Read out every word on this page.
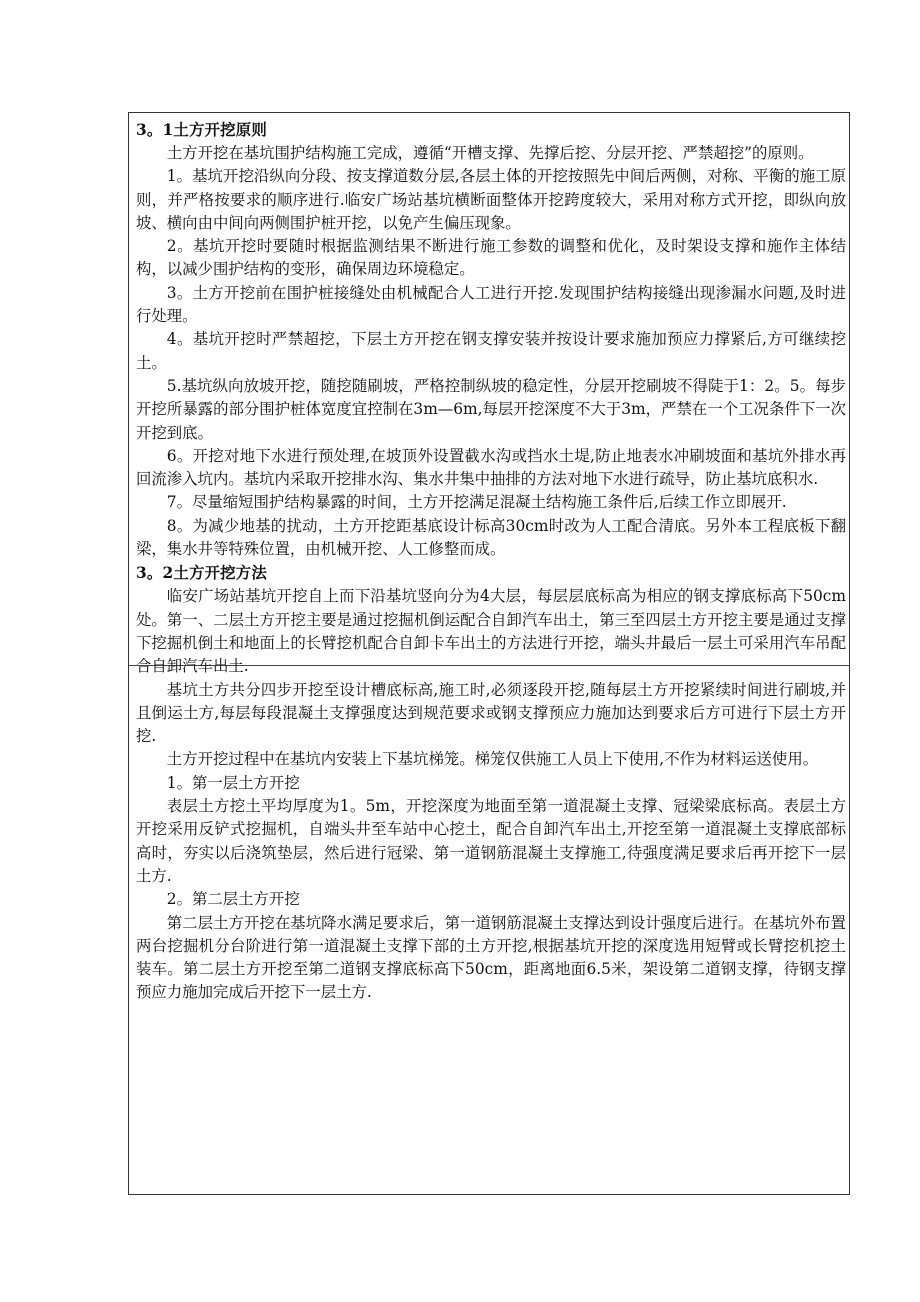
3。1土方开挖原则

土方开挖在基坑围护结构施工完成，遵循“开槽支撑、先撑后挖、分层开挖、严禁超挖”的原则。

1。基坑开挖沿纵向分段、按支撑道数分层,各层土体的开挖按照先中间后两侧，对称、平衡的施工原则，并严格按要求的顺序进行.临安广场站基坑横断面整体开挖跨度较大，采用对称方式开挖，即纵向放坡、横向由中间向两侧围护桩开挖，以免产生偏压现象。

2。基坑开挖时要随时根据监测结果不断进行施工参数的调整和优化，及时架设支撑和施作主体结构，以减少围护结构的变形，确保周边环境稳定。

3。土方开挖前在围护桩接缝处由机械配合人工进行开挖.发现围护结构接缝出现渗漏水问题,及时进行处理。

4。基坑开挖时严禁超挖，下层土方开挖在钢支撑安装并按设计要求施加预应力撑紧后,方可继续挖土。

5.基坑纵向放坡开挖，随挖随刷坡，严格控制纵坡的稳定性，分层开挖刷坡不得陡于1：2。5。每步开挖所暴露的部分围护桩体宽度宜控制在3m—6m,每层开挖深度不大于3m，严禁在一个工况条件下一次开挖到底。

6。开挖对地下水进行预处理,在坡顶外设置截水沟或挡水土堤,防止地表水冲刷坡面和基坑外排水再回流渗入坑内。基坑内采取开挖排水沟、集水井集中抽排的方法对地下水进行疏导，防止基坑底积水.

7。尽量缩短围护结构暴露的时间，土方开挖满足混凝土结构施工条件后,后续工作立即展开.

8。为减少地基的扰动，土方开挖距基底设计标高30cm时改为人工配合清底。另外本工程底板下翻梁，集水井等特殊位置，由机械开挖、人工修整而成。

3。2土方开挖方法

临安广场站基坑开挖自上而下沿基坑竖向分为4大层，每层层底标高为相应的钢支撑底标高下50cm处。第一、二层土方开挖主要是通过挖掘机倒运配合自卸汽车出土，第三至四层土方开挖主要是通过支撑下挖掘机倒土和地面上的长臂挖机配合自卸卡车出土的方法进行开挖，端头井最后一层土可采用汽车吊配合自卸汽车出土.

基坑土方共分四步开挖至设计槽底标高,施工时,必须逐段开挖,随每层土方开挖紧续时间进行刷坡,并且倒运土方,每层每段混凝土支撑强度达到规范要求或钢支撑预应力施加达到要求后方可进行下层土方开挖.

土方开挖过程中在基坑内安装上下基坑梯笼。梯笼仅供施工人员上下使用,不作为材料运送使用。

1。第一层土方开挖

表层土方挖土平均厚度为1。5m，开挖深度为地面至第一道混凝土支撑、冠梁梁底标高。表层土方开挖采用反铲式挖掘机，自端头井至车站中心挖土，配合自卸汽车出土,开挖至第一道混凝土支撑底部标高时，夯实以后浇筑垫层，然后进行冠梁、第一道钢筋混凝土支撑施工,待强度满足要求后再开挖下一层土方.

2。第二层土方开挖

第二层土方开挖在基坑降水满足要求后，第一道钢筋混凝土支撑达到设计强度后进行。在基坑外布置两台挖掘机分台阶进行第一道混凝土支撑下部的土方开挖,根据基坑开挖的深度选用短臂或长臂挖机挖土装车。第二层土方开挖至第二道钢支撑底标高下50cm，距离地面6.5米，架设第二道钢支撑，待钢支撑预应力施加完成后开挖下一层土方.
